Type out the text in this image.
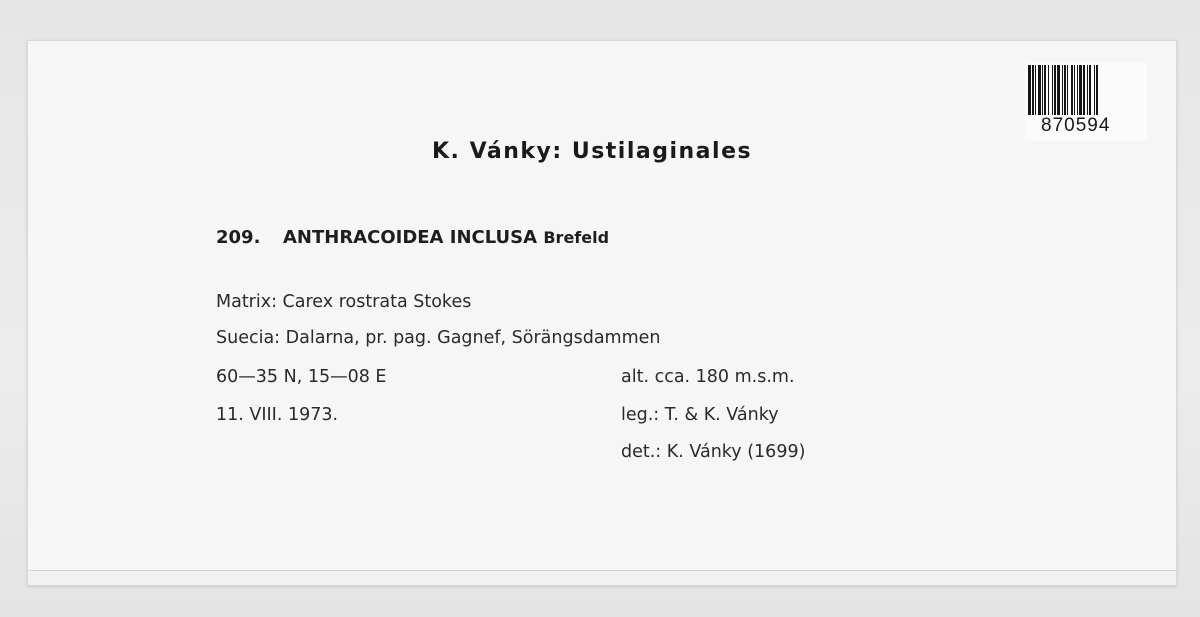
870594
K. Vánky: Ustilaginales
209. ANTHRACOIDEA INCLUSA Brefeld
Matrix: Carex rostrata Stokes
Suecia: Dalarna, pr. pag. Gagnef, Sörängsdammen
60—35 N, 15—08 E
11. VIII. 1973.
alt. cca. 180 m.s.m.
leg.: T. & K. Vánky
det.: K. Vánky (1699)
